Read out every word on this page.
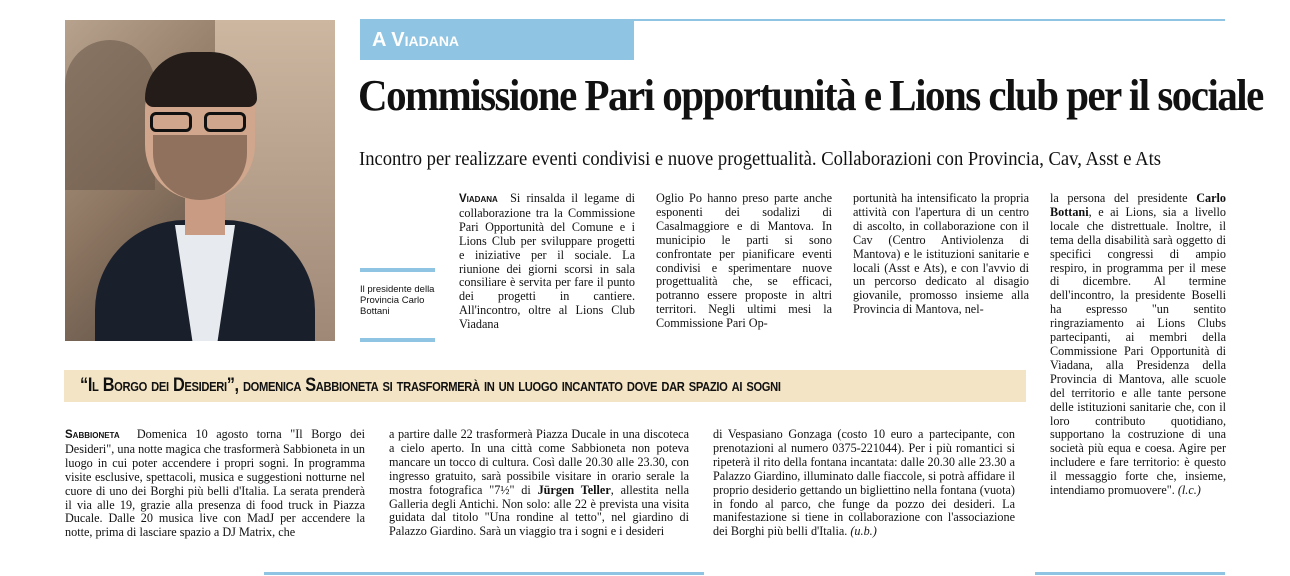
Il presidente della Provincia Carlo Bottani
A Viadana
Commissione Pari opportunità e Lions club per il sociale
Incontro per realizzare eventi condivisi e nuove progettualità. Collaborazioni con Provincia, Cav, Asst e Ats
Viadana Si rinsalda il legame di collaborazione tra la Commissione Pari Opportunità del Comune e i Lions Club per sviluppare progetti e iniziative per il sociale. La riunione dei giorni scorsi in sala consiliare è servita per fare il punto dei progetti in cantiere. All'incontro, oltre al Lions Club Viadana
Oglio Po hanno preso parte anche esponenti dei sodalizi di Casalmaggiore e di Mantova. In municipio le parti si sono confrontate per pianificare eventi condivisi e sperimentare nuove progettualità che, se efficaci, potranno essere proposte in altri territori. Negli ultimi mesi la Commissione Pari Op-
portunità ha intensificato la propria attività con l'apertura di un centro di ascolto, in collaborazione con il Cav (Centro Antiviolenza di Mantova) e le istituzioni sanitarie e locali (Asst e Ats), e con l'avvio di un percorso dedicato al disagio giovanile, promosso insieme alla Provincia di Mantova, nel-
la persona del presidente Carlo Bottani, e ai Lions, sia a livello locale che distrettuale. Inoltre, il tema della disabilità sarà oggetto di specifici congressi di ampio respiro, in programma per il mese di dicembre. Al termine dell'incontro, la presidente Boselli ha espresso "un sentito ringraziamento ai Lions Clubs partecipanti, ai membri della Commissione Pari Opportunità di Viadana, alla Presidenza della Provincia di Mantova, alle scuole del territorio e alle tante persone delle istituzioni sanitarie che, con il loro contributo quotidiano, supportano la costruzione di una società più equa e coesa. Agire per includere e fare territorio: è questo il messaggio forte che, insieme, intendiamo promuovere". (l.c.)
“Il Borgo dei Desideri”, domenica Sabbioneta si trasformerà in un luogo incantato dove dar spazio ai sogni
Sabbioneta Domenica 10 agosto torna "Il Borgo dei Desideri", una notte magica che trasformerà Sabbioneta in un luogo in cui poter accendere i propri sogni. In programma visite esclusive, spettacoli, musica e suggestioni notturne nel cuore di uno dei Borghi più belli d'Italia. La serata prenderà il via alle 19, grazie alla presenza di food truck in Piazza Ducale. Dalle 20 musica live con MadJ per accendere la notte, prima di lasciare spazio a DJ Matrix, che
a partire dalle 22 trasformerà Piazza Ducale in una discoteca a cielo aperto. In una città come Sabbioneta non poteva mancare un tocco di cultura. Così dalle 20.30 alle 23.30, con ingresso gratuito, sarà possibile visitare in orario serale la mostra fotografica "7½" di Jürgen Teller, allestita nella Galleria degli Antichi. Non solo: alle 22 è prevista una visita guidata dal titolo "Una rondine al tetto", nel giardino di Palazzo Giardino. Sarà un viaggio tra i sogni e i desideri
di Vespasiano Gonzaga (costo 10 euro a partecipante, con prenotazioni al numero 0375-221044). Per i più romantici si ripeterà il rito della fontana incantata: dalle 20.30 alle 23.30 a Palazzo Giardino, illuminato dalle fiaccole, si potrà affidare il proprio desiderio gettando un bigliettino nella fontana (vuota) in fondo al parco, che funge da pozzo dei desideri. La manifestazione si tiene in collaborazione con l'associazione dei Borghi più belli d'Italia. (u.b.)
